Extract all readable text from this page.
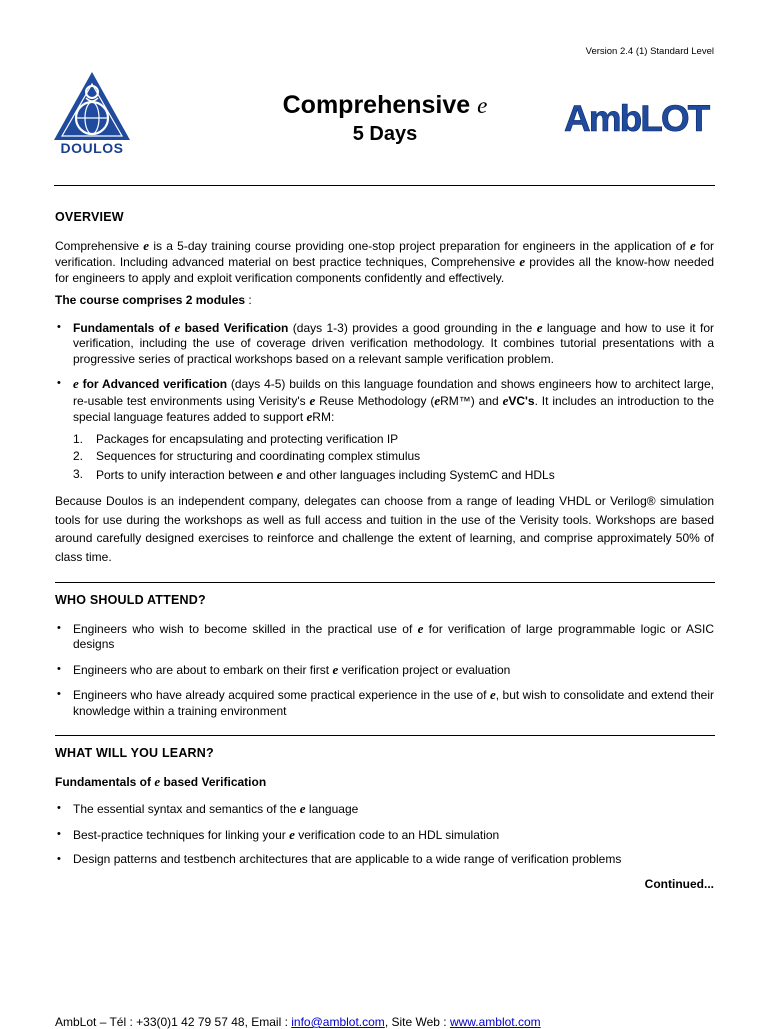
Version 2.4 (1) Standard Level
DOULOS
Comprehensive e
5 Days	AmbLOT
OVERVIEW

Comprehensive e is a 5-day training course providing one-stop project preparation for engineers in the application of e for verification. Including advanced material on best practice techniques, Comprehensive e provides all the know-how needed for engineers to apply and exploit verification components confidently and effectively.

The course comprises 2 modules :

• Fundamentals of e based Verification (days 1-3) provides a good grounding in the e language and how to use it for verification, including the use of coverage driven verification methodology. It combines tutorial presentations with a progressive series of practical workshops based on a relevant sample verification problem.
• e for Advanced verification (days 4-5) builds on this language foundation and shows engineers how to architect large, re-usable test environments using Verisity's e Reuse Methodology (eRM™) and eVC's. It includes an introduction to the special language features added to support eRM:
1. Packages for encapsulating and protecting verification IP
2. Sequences for structuring and coordinating complex stimulus
3. Ports to unify interaction between e and other languages including SystemC and HDLs

Because Doulos is an independent company, delegates can choose from a range of leading VHDL or Verilog® simulation tools for use during the workshops as well as full access and tuition in the use of the Verisity tools. Workshops are based around carefully designed exercises to reinforce and challenge the extent of learning, and comprise approximately 50% of class time.

WHO SHOULD ATTEND?
• Engineers who wish to become skilled in the practical use of e for verification of large programmable logic or ASIC designs
• Engineers who are about to embark on their first e verification project or evaluation
• Engineers who have already acquired some practical experience in the use of e, but wish to consolidate and extend their knowledge within a training environment
WHAT WILL YOU LEARN?

Fundamentals of e based Verification

• The essential syntax and semantics of the e language
• Best-practice techniques for linking your e verification code to an HDL simulation
• Design patterns and testbench architectures that are applicable to a wide range of verification problems
Continued...
AmbLot – Tél : +33(0)1 42 79 57 48, Email : info@amblot.com, Site Web : www.amblot.com
